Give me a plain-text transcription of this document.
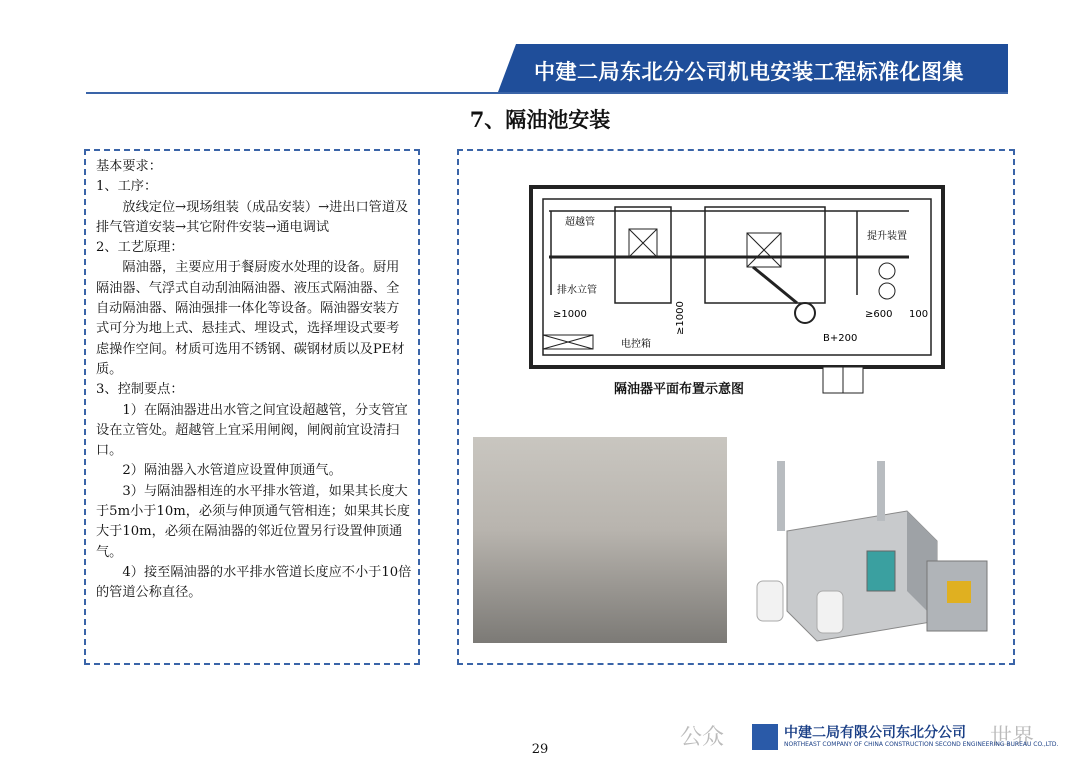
中建二局东北分公司机电安装工程标准化图集
7、隔油池安装

基本要求：

1、工序：

放线定位→现场组装（成品安装）→进出口管道及排气管道安装→其它附件安装→通电调试

2、工艺原理：

隔油器，主要应用于餐厨废水处理的设备。厨用隔油器、气浮式自动刮油隔油器、液压式隔油器、全自动隔油器、隔油强排一体化等设备。隔油器安装方式可分为地上式、悬挂式、埋设式，选择埋设式要考虑操作空间。材质可选用不锈钢、碳钢材质以及PE材质。

3、控制要点：

1）在隔油器进出水管之间宜设超越管，分支管宜设在立管处。超越管上宜采用闸阀，闸阀前宜设清扫口。

2）隔油器入水管道应设置伸顶通气。

3）与隔油器相连的水平排水管道，如果其长度大于5m小于10m，必须与伸顶通气管相连；如果其长度大于10m，必须在隔油器的邻近位置另行设置伸顶通气。

4）接至隔油器的水平排水管道长度应不小于10倍的管道公称直径。

超越管
提升装置
排水立管
电控箱
≥1000	≥1000	≥600 100
B+200
隔油器平面布置示意图
公众	世界
中建二局有限公司东北分公司
NORTHEAST COMPANY OF CHINA CONSTRUCTION SECOND ENGINEERING BUREAU CO.,LTD.
29
